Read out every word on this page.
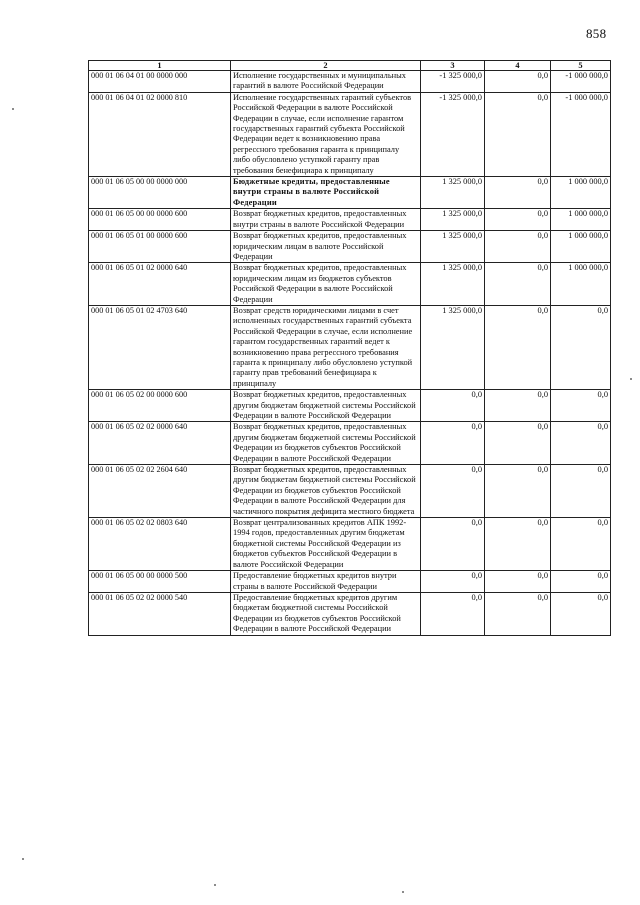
858
1	2	3	4	5
000 01 06 04 01 00 0000 000	Исполнение государственных и муниципальных гарантий в валюте Российской Федерации	-1 325 000,0	0,0	-1 000 000,0
000 01 06 04 01 02 0000 810	Исполнение государственных гарантий субъектов Российской Федерации в валюте Российской Федерации в случае, если исполнение гарантом государственных гарантий субъекта Российской Федерации ведет к возникновению права регрессного требования гаранта к принципалу либо обусловлено уступкой гаранту прав требования бенефициара к принципалу	-1 325 000,0	0,0	-1 000 000,0
000 01 06 05 00 00 0000 000	Бюджетные кредиты, предоставленные внутри страны в валюте Российской Федерации	1 325 000,0	0,0	1 000 000,0
000 01 06 05 00 00 0000 600	Возврат бюджетных кредитов, предоставленных внутри страны в валюте Российской Федерации	1 325 000,0	0,0	1 000 000,0
000 01 06 05 01 00 0000 600	Возврат бюджетных кредитов, предоставленных юридическим лицам в валюте Российской Федерации	1 325 000,0	0,0	1 000 000,0
000 01 06 05 01 02 0000 640	Возврат бюджетных кредитов, предоставленных юридическим лицам из бюджетов субъектов Российской Федерации в валюте Российской Федерации	1 325 000,0	0,0	1 000 000,0
000 01 06 05 01 02 4703 640	Возврат средств юридическими лицами в счет исполненных государственных гарантий субъекта Российской Федерации в случае, если исполнение гарантом государственных гарантий ведет к возникновению права регрессного требования гаранта к принципалу либо обусловлено уступкой гаранту прав требований бенефициара к принципалу	1 325 000,0	0,0	0,0
000 01 06 05 02 00 0000 600	Возврат бюджетных кредитов, предоставленных другим бюджетам бюджетной системы Российской Федерации в валюте Российской Федерации	0,0	0,0	0,0
000 01 06 05 02 02 0000 640	Возврат бюджетных кредитов, предоставленных другим бюджетам бюджетной системы Российской Федерации из бюджетов субъектов Российской Федерации в валюте Российской Федерации	0,0	0,0	0,0
000 01 06 05 02 02 2604 640	Возврат бюджетных кредитов, предоставленных другим бюджетам бюджетной системы Российской Федерации из бюджетов субъектов Российской Федерации в валюте Российской Федерации для частичного покрытия дефицита местного бюджета	0,0	0,0	0,0
000 01 06 05 02 02 0803 640	Возврат централизованных кредитов АПК 1992-1994 годов, предоставленных другим бюджетам бюджетной системы Российской Федерации из бюджетов субъектов Российской Федерации в валюте Российской Федерации	0,0	0,0	0,0
000 01 06 05 00 00 0000 500	Предоставление бюджетных кредитов внутри страны в валюте Российской Федерации	0,0	0,0	0,0
000 01 06 05 02 02 0000 540	Предоставление бюджетных кредитов другим бюджетам бюджетной системы Российской Федерации из бюджетов субъектов Российской Федерации в валюте Российской Федерации	0,0	0,0	0,0
